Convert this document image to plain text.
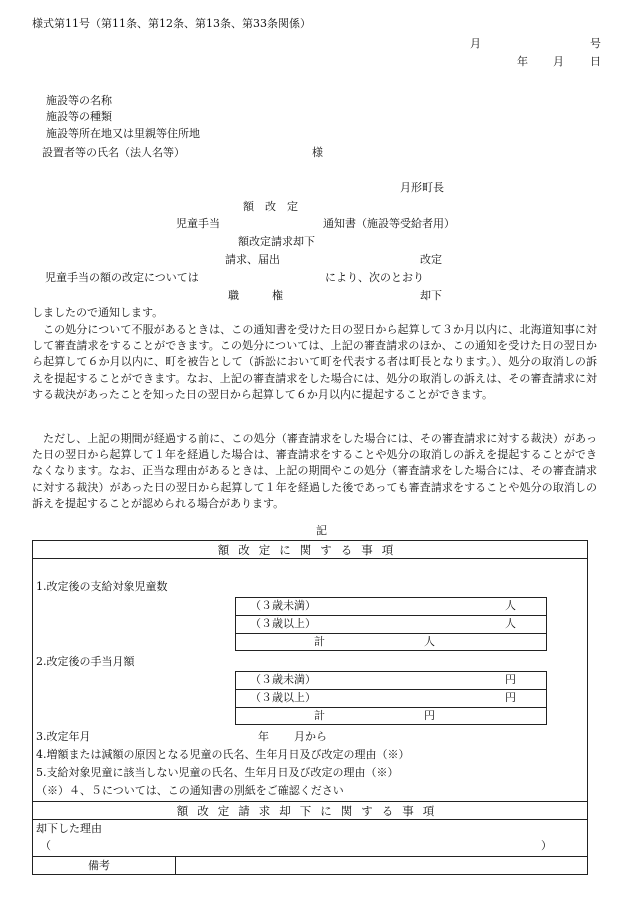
様式第11号（第11条、第12条、第13条、第33条関係）
月	号
年 月 日
施設等の名称
施設等の種類
施設等所在地又は里親等住所地
設置者等の氏名（法人名等）	様
月形町長
額　改　定
児童手当	通知書（施設等受給者用）
額改定請求却下
請求、届出	改定
児童手当の額の改定については	により、次のとおり
職　　　権	却下
しましたので通知します。
この処分について不服があるときは、この通知書を受けた日の翌日から起算して３か月以内に、北海道知事に対して審査請求をすることができます。この処分については、上記の審査請求のほか、この通知を受けた日の翌日から起算して６か月以内に、町を被告として（訴訟において町を代表する者は町長となります。）、処分の取消しの訴えを提起することができます。なお、上記の審査請求をした場合には、処分の取消しの訴えは、その審査請求に対する裁決があったことを知った日の翌日から起算して６か月以内に提起することができます。
ただし、上記の期間が経過する前に、この処分（審査請求をした場合には、その審査請求に対する裁決）があった日の翌日から起算して１年を経過した場合は、審査請求をすることや処分の取消しの訴えを提起することができなくなります。なお、正当な理由があるときは、上記の期間やこの処分（審査請求をした場合には、その審査請求に対する裁決）があった日の翌日から起算して１年を経過した後であっても審査請求をすることや処分の取消しの訴えを提起することが認められる場合があります。
記
額改定に関する事項
1.改定後の支給対象児童数
（３歳未満）	人
（３歳以上）	人
計	人
2.改定後の手当月額
（３歳未満）	円
（３歳以上）	円
計	円
3.改定年月	年 月から
4.増額または減額の原因となる児童の氏名、生年月日及び改定の理由（※）
5.支給対象児童に該当しない児童の氏名、生年月日及び改定の理由（※）
（※）４、５については、この通知書の別紙をご確認ください
額改定請求却下に関する事項
却下した理由
（	）
備考
